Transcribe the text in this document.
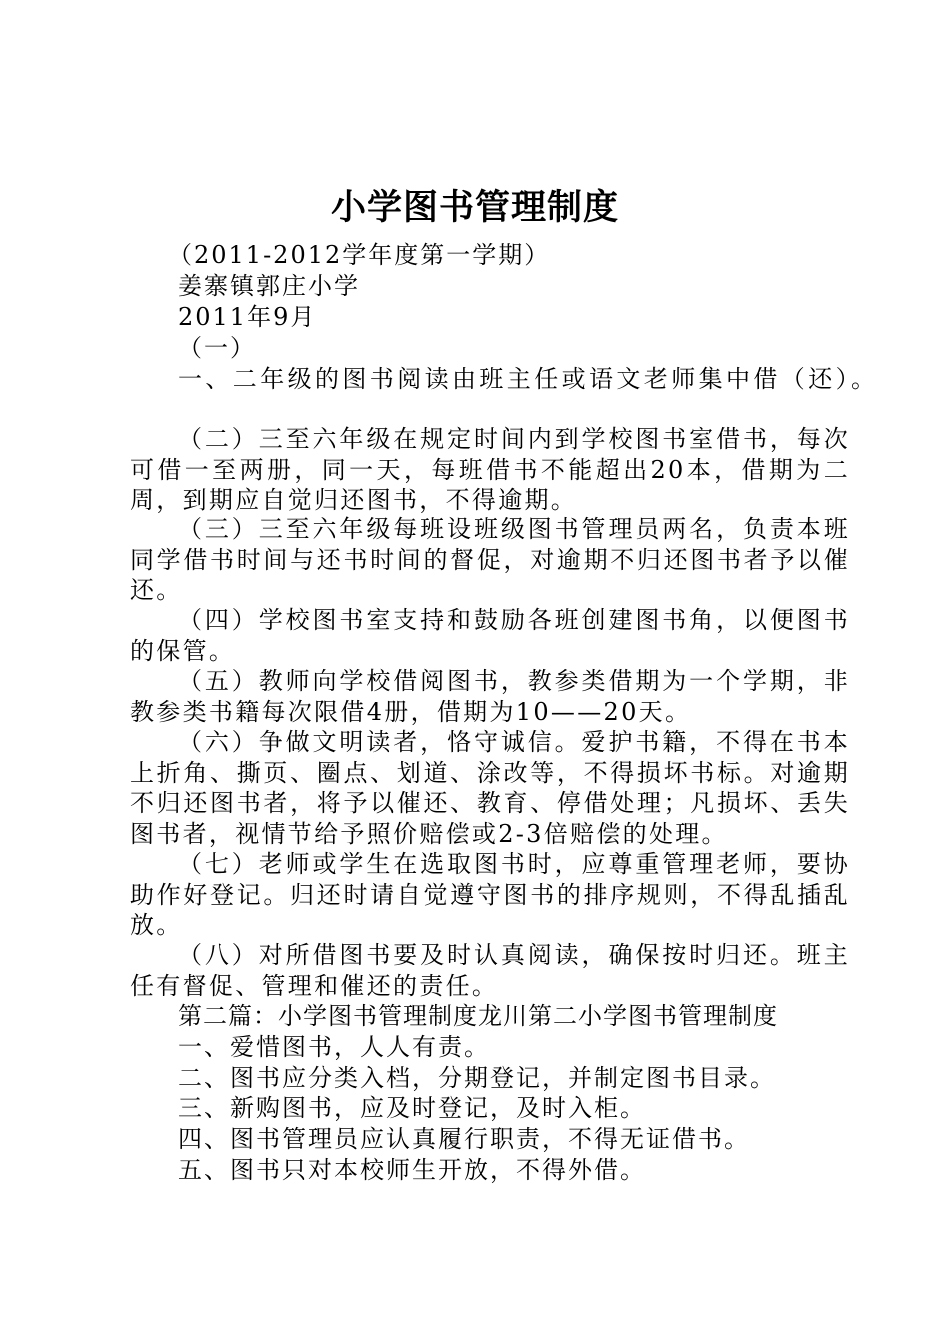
小学图书管理制度
（2011-2012学年度第一学期）
姜寨镇郭庄小学
2011年9月
（一）
一、二年级的图书阅读由班主任或语文老师集中借（还）。
（二）三至六年级在规定时间内到学校图书室借书，每次可借一至两册，同一天，每班借书不能超出20本，借期为二周，到期应自觉归还图书，不得逾期。
（三）三至六年级每班设班级图书管理员两名，负责本班同学借书时间与还书时间的督促，对逾期不归还图书者予以催还。
（四）学校图书室支持和鼓励各班创建图书角，以便图书的保管。
（五）教师向学校借阅图书，教参类借期为一个学期，非教参类书籍每次限借4册，借期为10——20天。
（六）争做文明读者，恪守诚信。爱护书籍，不得在书本上折角、撕页、圈点、划道、涂改等，不得损坏书标。对逾期不归还图书者，将予以催还、教育、停借处理；凡损坏、丢失图书者，视情节给予照价赔偿或2-3倍赔偿的处理。
（七）老师或学生在选取图书时，应尊重管理老师，要协助作好登记。归还时请自觉遵守图书的排序规则，不得乱插乱放。
（八）对所借图书要及时认真阅读，确保按时归还。班主任有督促、管理和催还的责任。
第二篇：小学图书管理制度龙川第二小学图书管理制度
一、爱惜图书，人人有责。
二、图书应分类入档，分期登记，并制定图书目录。
三、新购图书，应及时登记，及时入柜。
四、图书管理员应认真履行职责，不得无证借书。
五、图书只对本校师生开放，不得外借。
